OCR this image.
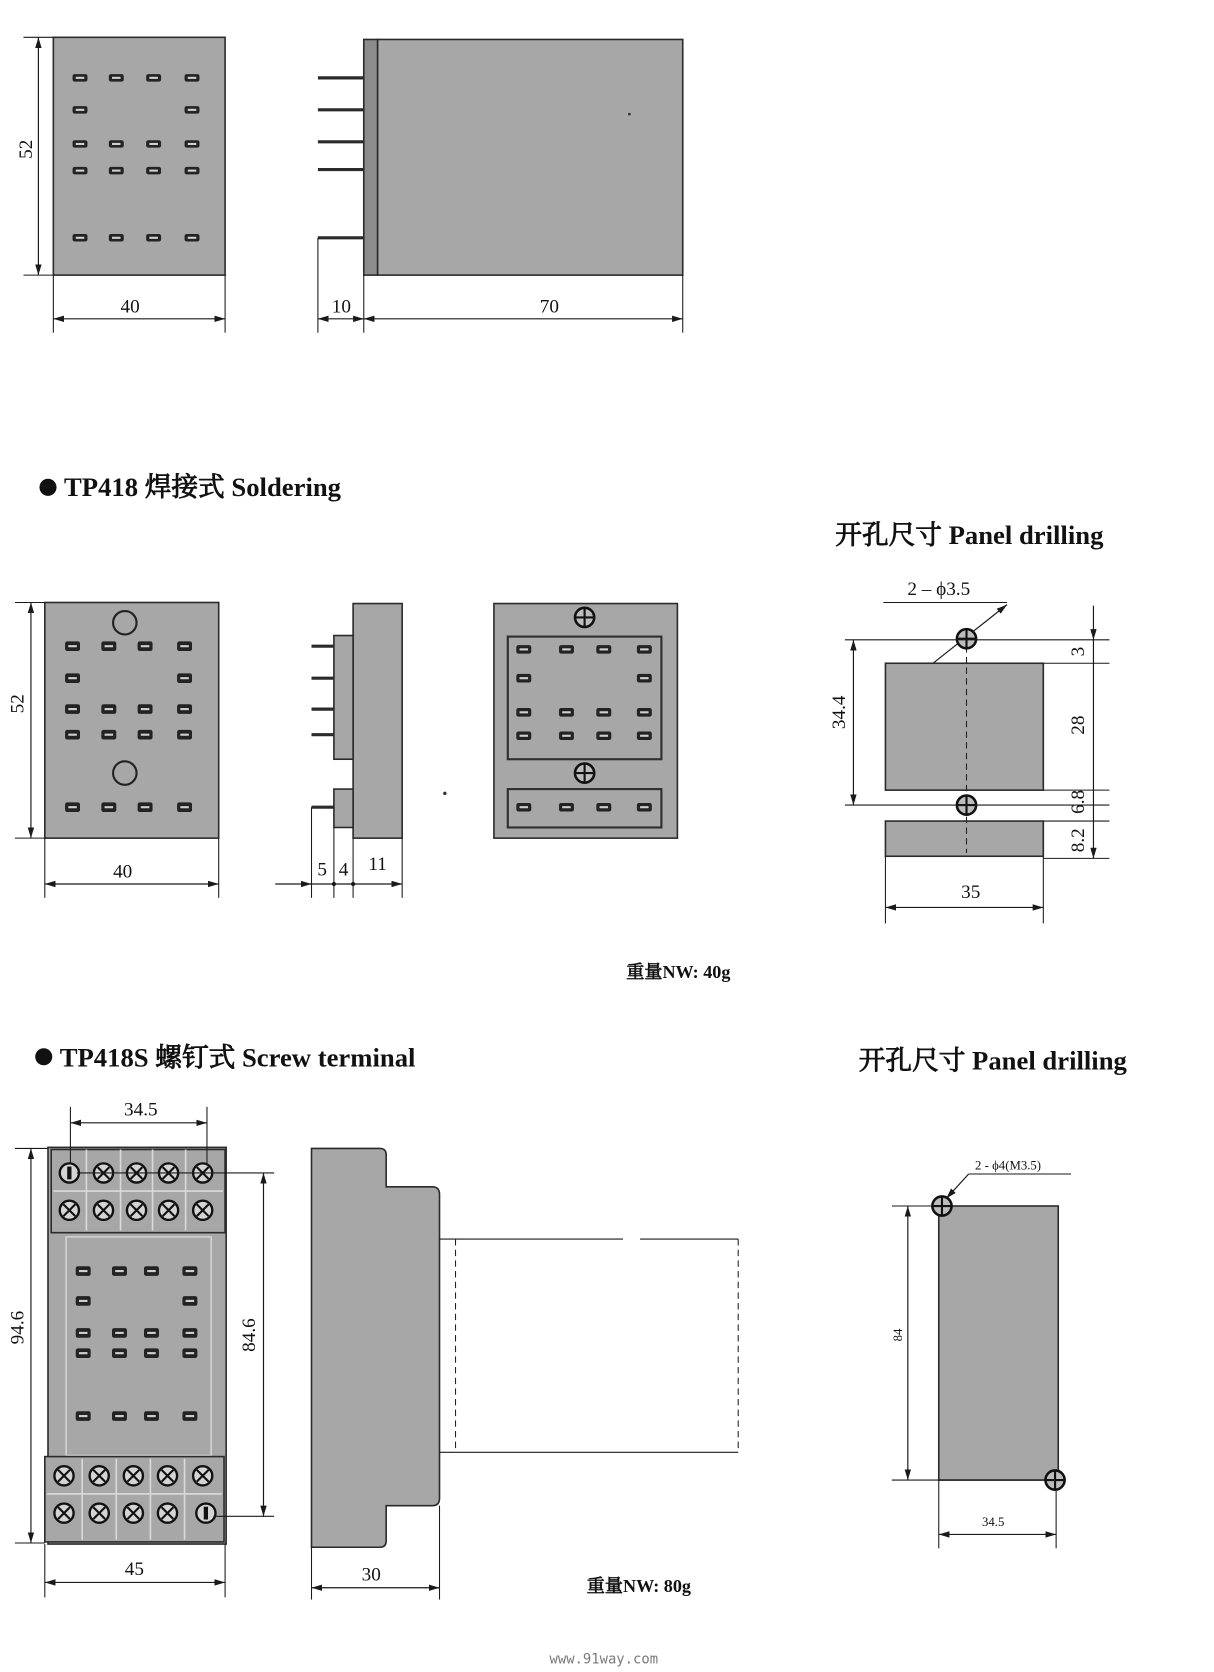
52
40	10	70
TP418 焊接式 Soldering
开孔尺寸 Panel drilling
52
40	5 4 11
2 – ϕ3.5
34.4
3
28
6.8
8.2
35
重量NW: 40g
TP418S 螺钉式 Screw terminal	开孔尺寸 Panel drilling
34.5
94.6	84.6
45	30
重量NW: 80g
2 - ϕ4(M3.5)
84
34.5
www.91way.com
